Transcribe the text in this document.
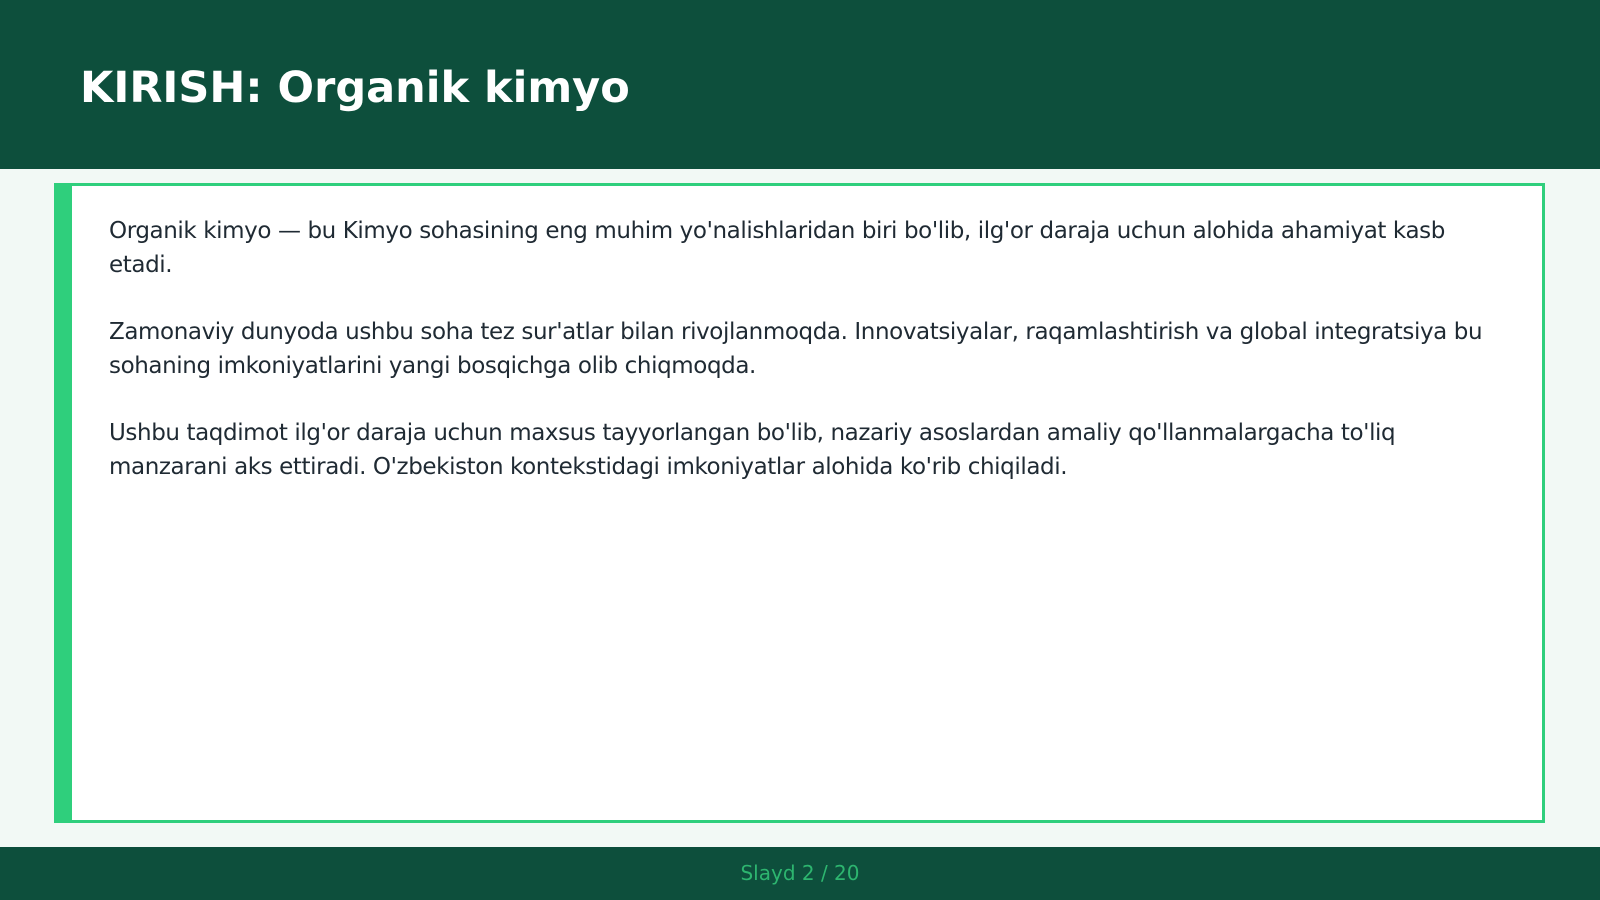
KIRISH: Organik kimyo

Organik kimyo — bu Kimyo sohasining eng muhim yo'nalishlaridan biri bo'lib, ilg'or daraja uchun alohida ahamiyat kasb etadi.

Zamonaviy dunyoda ushbu soha tez sur'atlar bilan rivojlanmoqda. Innovatsiyalar, raqamlashtirish va global integratsiya bu sohaning imkoniyatlarini yangi bosqichga olib chiqmoqda.

Ushbu taqdimot ilg'or daraja uchun maxsus tayyorlangan bo'lib, nazariy asoslardan amaliy qo'llanmalargacha to'liq manzarani aks ettiradi. O'zbekiston kontekstidagi imkoniyatlar alohida ko'rib chiqiladi.

Slayd 2 / 20
